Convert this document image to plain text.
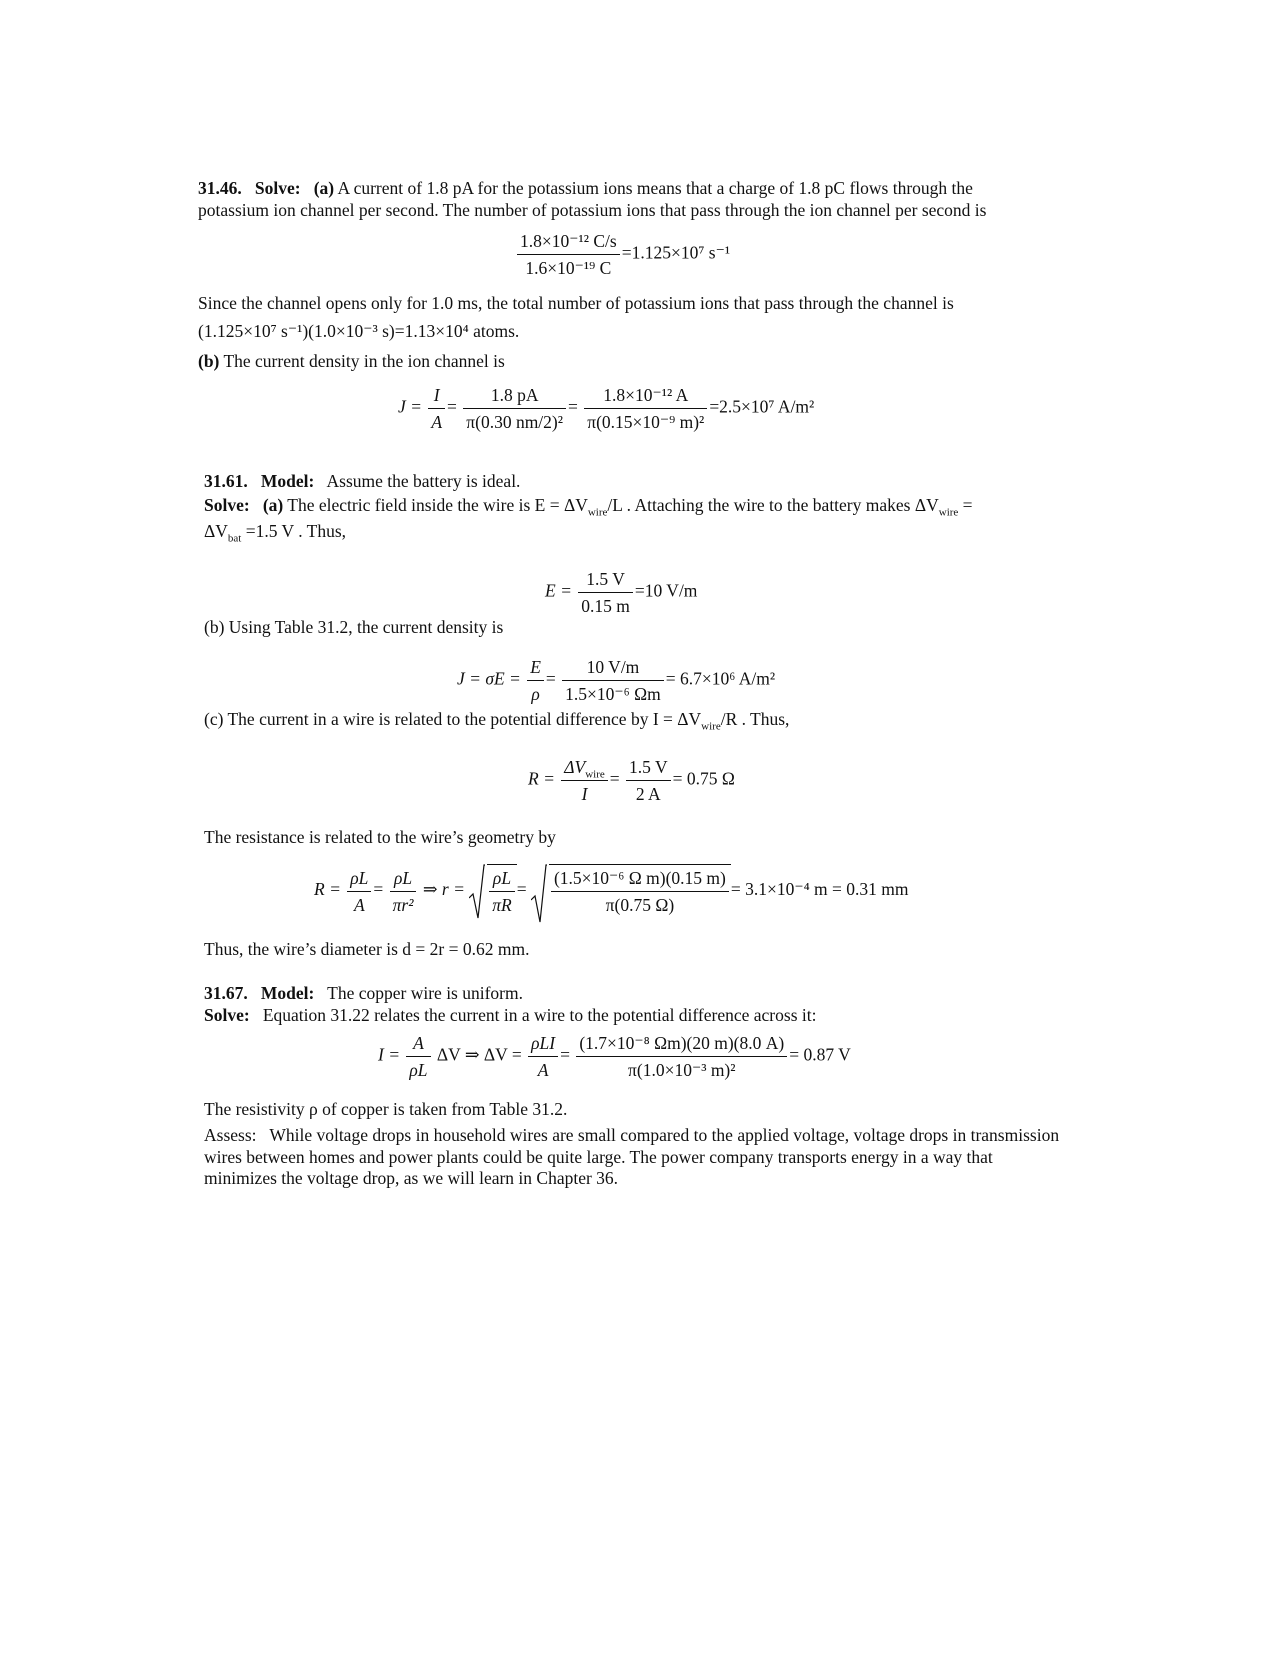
31.46. Solve: (a) A current of 1.8 pA for the potassium ions means that a charge of 1.8 pC flows through the
potassium ion channel per second. The number of potassium ions that pass through the ion channel per second is
$\frac{\text{1.8×10⁻¹² C/s}}{\text{1.6×10⁻¹⁹ C}} =1.125\times 10^7$ s⁻¹
Since the channel opens only for 1.0 ms, the total number of potassium ions that pass through the channel is
(1.125×10⁷ s⁻¹)(1.0×10⁻³ s)=1.13×10⁴ atoms.
(b) The current density in the ion channel is
$J = \frac{I}{A} = \frac{1.8 pA}{\text{π(0.30 nm/2)²}} = \frac{\text{1.8×10⁻¹² A}}{\text{π(0.15×10⁻⁹ m)²}} =2.5\times 10^7$ A/m²
31.61. Model: Assume the battery is ideal.
Solve: (a) The electric field inside the wire is $E = \Delta V_{wire}/L$ . Attaching the wire to the battery makes $\Delta V_{wire}$ =
$\Delta V_{bat} =1.5$ V . Thus,
$E = \frac{1.5 V}{0.15 m} =10$ V/m
(b) Using Table 31.2, the current density is
$J = \sigma E = \frac{E}{\rho} = \frac{10 V/m}{\text{1.5×10⁻⁶ Ωm}} = 6.7\times 10^6$ A/m²
(c) The current in a wire is related to the potential difference by $I = \Delta V_{wire}/R$ . Thus,
$R = \frac{\Delta V_{wire}}{I} = \frac{1.5 V}{2 A} = 0.75$ Ω
The resistance is related to the wire’s geometry by
$R = \frac{\rho L}{A} = \frac{\rho L}{\text{πr²}}$ ⇒ $r = \frac{\rho L}{\pi R} = \frac{\text{(1.5×10⁻⁶ Ω m)(0.15 m)}}{\pi(0.75 \Omega)} = 3.1\times 10^{-4}$ m = 0.31 mm
Thus, the wire’s diameter is d = 2r = 0.62 mm.
31.67. Model: The copper wire is uniform.
Solve: Equation 31.22 relates the current in a wire to the potential difference across it:
$I = \frac{A}{\rho L}$ ΔV ⇒ $\Delta V = \frac{\text{ρLI}}{A} = \frac{\text{(1.7×10⁻⁸ Ωm)(20 m)(8.0 A)}}{\text{π(1.0×10⁻³ m)²}} = 0.87$ V
The resistivity ρ of copper is taken from Table 31.2.
Assess: While voltage drops in household wires are small compared to the applied voltage, voltage drops in transmission wires between homes and power plants could be quite large. The power company transports energy in a way that minimizes the voltage drop, as we will learn in Chapter 36.
